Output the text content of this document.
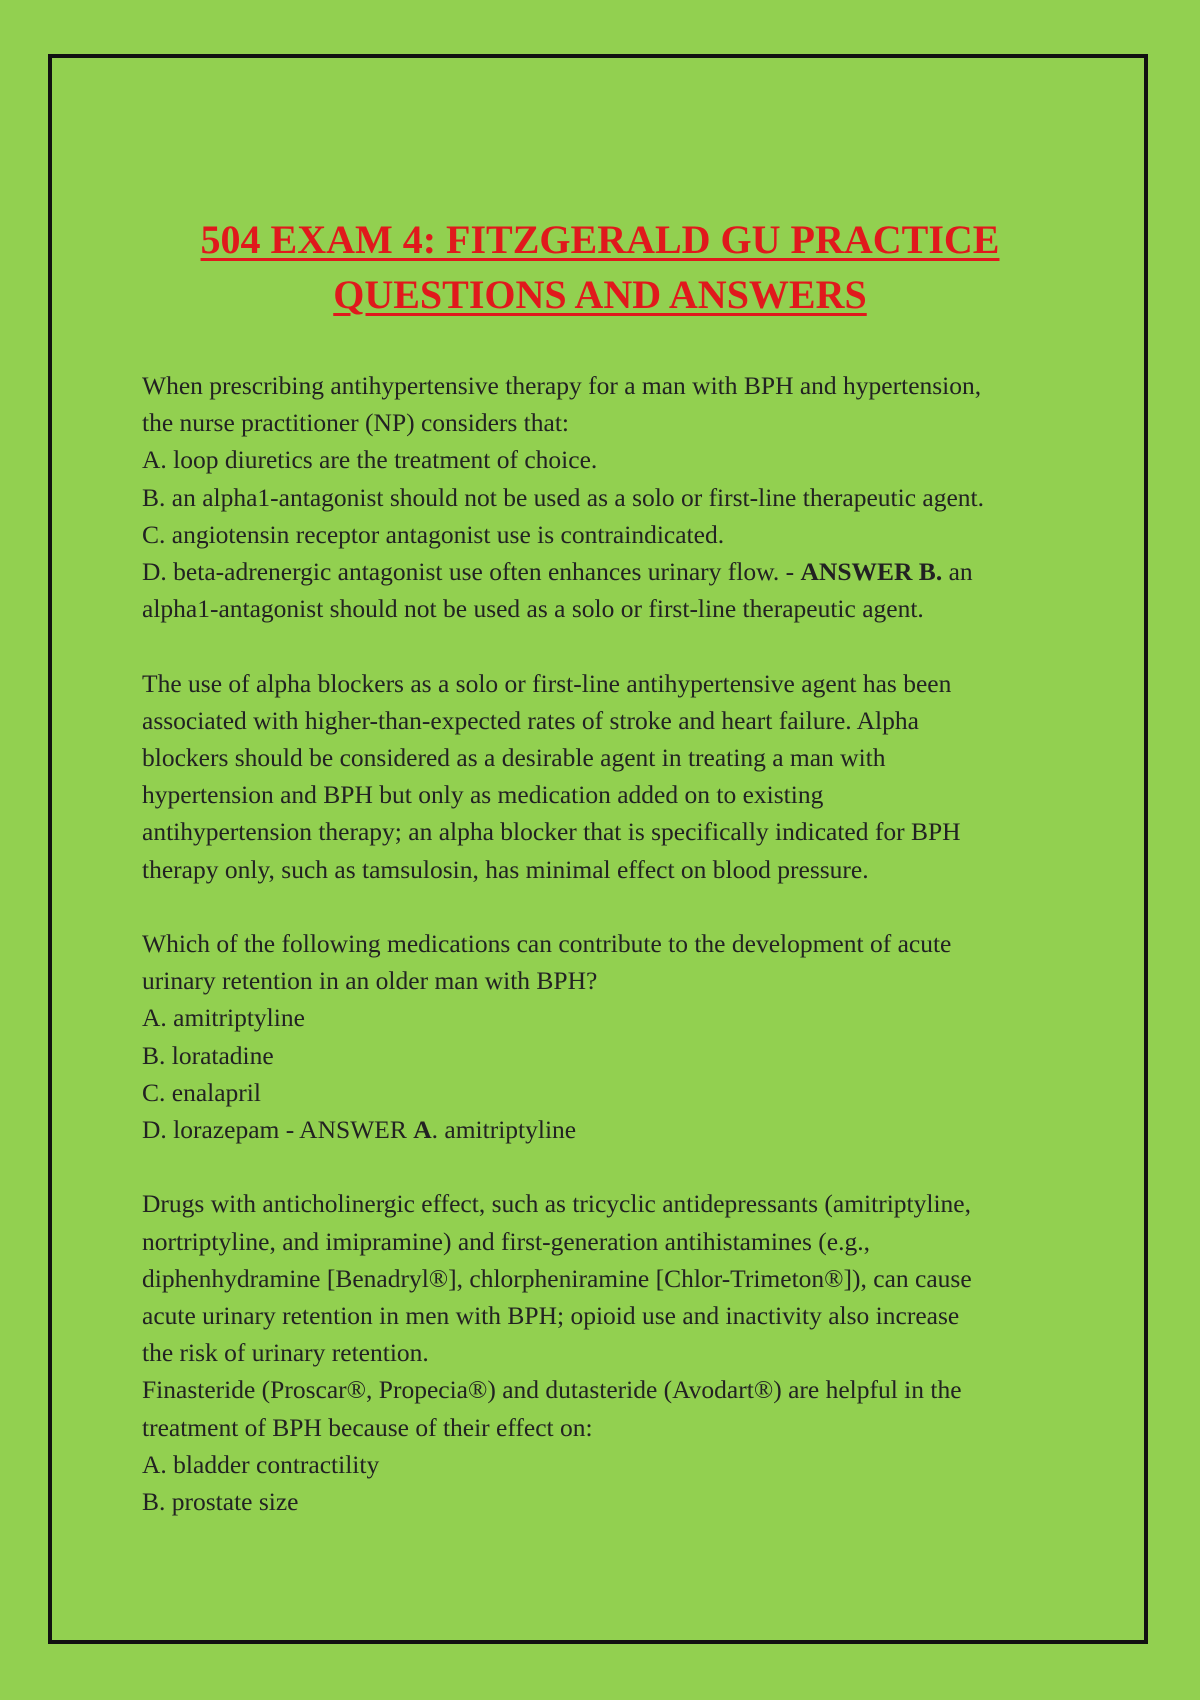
504 EXAM 4: FITZGERALD GU PRACTICE
QUESTIONS AND ANSWERS
When prescribing antihypertensive therapy for a man with BPH and hypertension,
the nurse practitioner (NP) considers that:
A. loop diuretics are the treatment of choice.
B. an alpha1-antagonist should not be used as a solo or first-line therapeutic agent.
C. angiotensin receptor antagonist use is contraindicated.
D. beta-adrenergic antagonist use often enhances urinary flow. - ANSWER B. an
alpha1-antagonist should not be used as a solo or first-line therapeutic agent.
The use of alpha blockers as a solo or first-line antihypertensive agent has been
associated with higher-than-expected rates of stroke and heart failure. Alpha
blockers should be considered as a desirable agent in treating a man with
hypertension and BPH but only as medication added on to existing
antihypertension therapy; an alpha blocker that is specifically indicated for BPH
therapy only, such as tamsulosin, has minimal effect on blood pressure.
Which of the following medications can contribute to the development of acute
urinary retention in an older man with BPH?
A. amitriptyline
B. loratadine
C. enalapril
D. lorazepam - ANSWER A. amitriptyline
Drugs with anticholinergic effect, such as tricyclic antidepressants (amitriptyline,
nortriptyline, and imipramine) and first-generation antihistamines (e.g.,
diphenhydramine [Benadryl®], chlorpheniramine [Chlor-Trimeton®]), can cause
acute urinary retention in men with BPH; opioid use and inactivity also increase
the risk of urinary retention.
Finasteride (Proscar®, Propecia®) and dutasteride (Avodart®) are helpful in the
treatment of BPH because of their effect on:
A. bladder contractility
B. prostate size
